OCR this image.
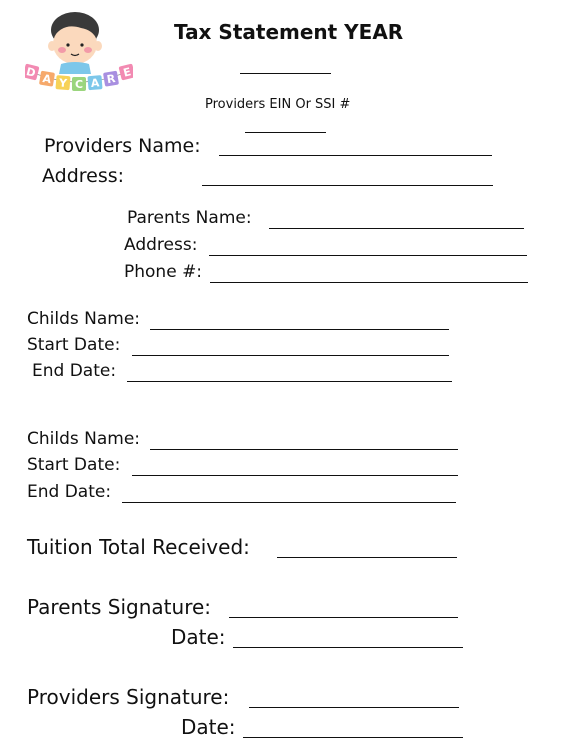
D A Y C A R E
Tax Statement YEAR
Providers EIN Or SSI #
Providers Name:
Address:
Parents Name:
Address:
Phone #:
Childs Name:
Start Date:
End Date:
Childs Name:
Start Date:
End Date:
Tuition Total Received:
Parents Signature:
Date:
Providers Signature:
Date:
